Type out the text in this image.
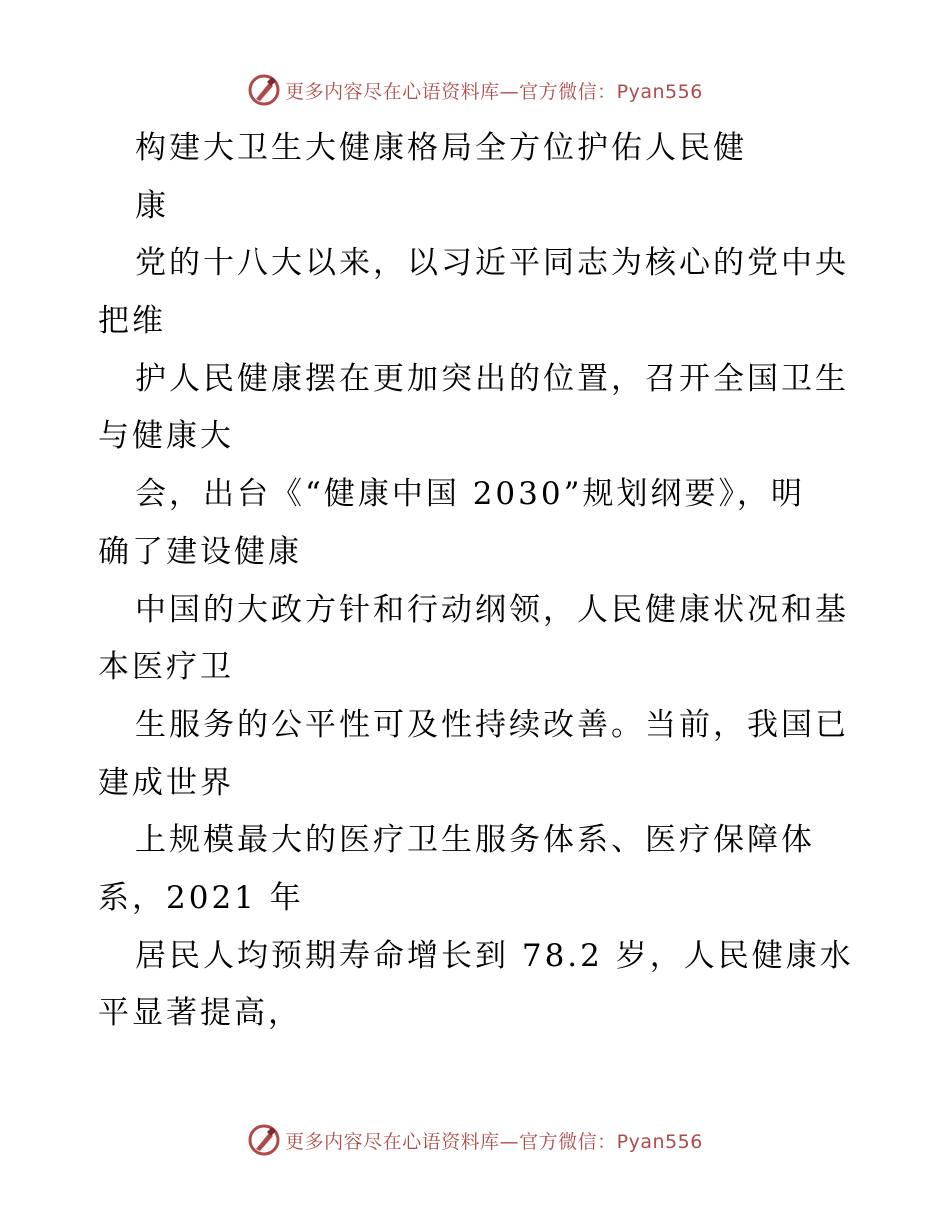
更多内容尽在心语资料库—官方微信：Pyan556
构建大卫生大健康格局全方位护佑人民健
康
党的十八大以来，以习近平同志为核心的党中央
把维
护人民健康摆在更加突出的位置，召开全国卫生
与健康大
会，出台《“健康中国 2030”规划纲要》，明
确了建设健康
中国的大政方针和行动纲领，人民健康状况和基
本医疗卫
生服务的公平性可及性持续改善。当前，我国已
建成世界
上规模最大的医疗卫生服务体系、医疗保障体
系，2021 年
居民人均预期寿命增长到 78.2 岁，人民健康水
平显著提高，
更多内容尽在心语资料库—官方微信：Pyan556
